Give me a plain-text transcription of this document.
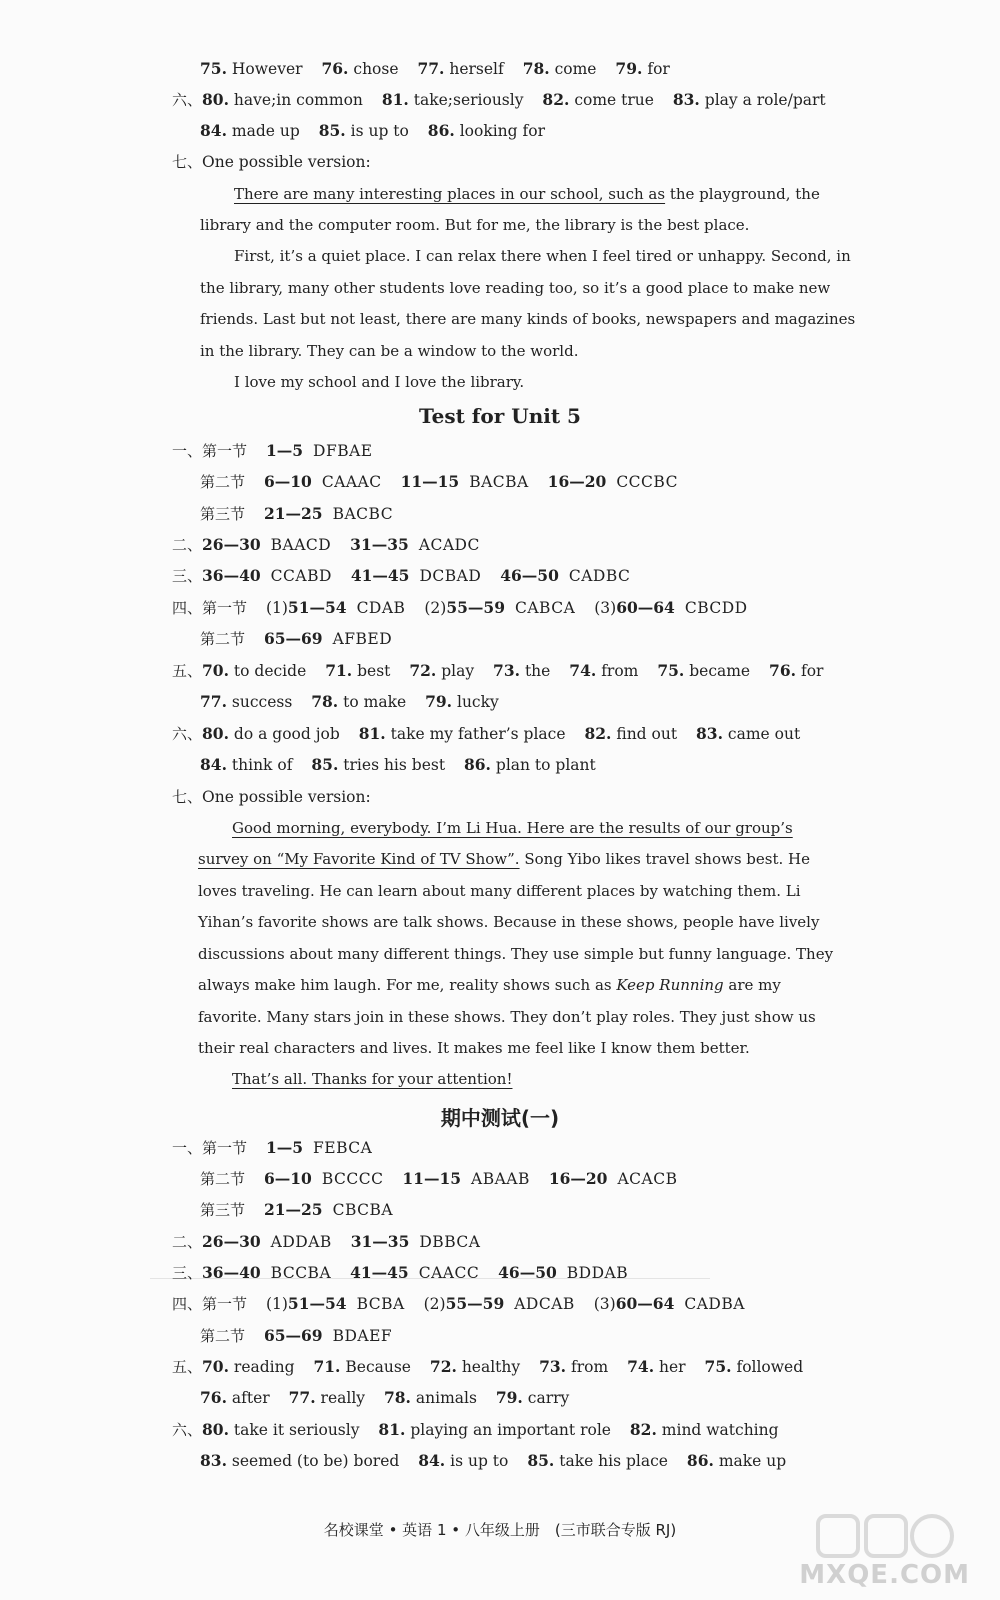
75. However 76. chose 77. herself 78. come 79. for
六、80. have;in common 81. take;seriously 82. come true 83. play a role/part
84. made up 85. is up to 86. looking for
七、One possible version:
There are many interesting places in our school, such as the playground, the
library and the computer room. But for me, the library is the best place.
First, it’s a quiet place. I can relax there when I feel tired or unhappy. Second, in
the library, many other students love reading too, so it’s a good place to make new
friends. Last but not least, there are many kinds of books, newspapers and magazines
in the library. They can be a window to the world.
I love my school and I love the library.
Test for Unit 5
一、第一节 1—5 DFBAE
第二节 6—10 CAAAC 11—15 BACBA 16—20 CCCBC
第三节 21—25 BACBC
二、26—30 BAACD 31—35 ACADC
三、36—40 CCABD 41—45 DCBAD 46—50 CADBC
四、第一节 (1)51—54 CDAB (2)55—59 CABCA (3)60—64 CBCDD
第二节 65—69 AFBED
五、70. to decide 71. best 72. play 73. the 74. from 75. became 76. for
77. success 78. to make 79. lucky
六、80. do a good job 81. take my father’s place 82. find out 83. came out
84. think of 85. tries his best 86. plan to plant
七、One possible version:
Good morning, everybody. I’m Li Hua. Here are the results of our group’s
survey on “My Favorite Kind of TV Show”. Song Yibo likes travel shows best. He
loves traveling. He can learn about many different places by watching them. Li
Yihan’s favorite shows are talk shows. Because in these shows, people have lively
discussions about many different things. They use simple but funny language. They
always make him laugh. For me, reality shows such as Keep Running are my
favorite. Many stars join in these shows. They don’t play roles. They just show us
their real characters and lives. It makes me feel like I know them better.
That’s all. Thanks for your attention!
期中测试(一)
一、第一节 1—5 FEBCA
第二节 6—10 BCCCC 11—15 ABAAB 16—20 ACACB
第三节 21—25 CBCBA
二、26—30 ADDAB 31—35 DBBCA
三、36—40 BCCBA 41—45 CAACC 46—50 BDDAB
四、第一节 (1)51—54 BCBA (2)55—59 ADCAB (3)60—64 CADBA
第二节 65—69 BDAEF
五、70. reading 71. Because 72. healthy 73. from 74. her 75. followed
76. after 77. really 78. animals 79. carry
六、80. take it seriously 81. playing an important role 82. mind watching
83. seemed (to be) bored 84. is up to 85. take his place 86. make up
名校课堂 • 英语 1 • 八年级上册　(三市联合专版 RJ)
MXQE.COM
